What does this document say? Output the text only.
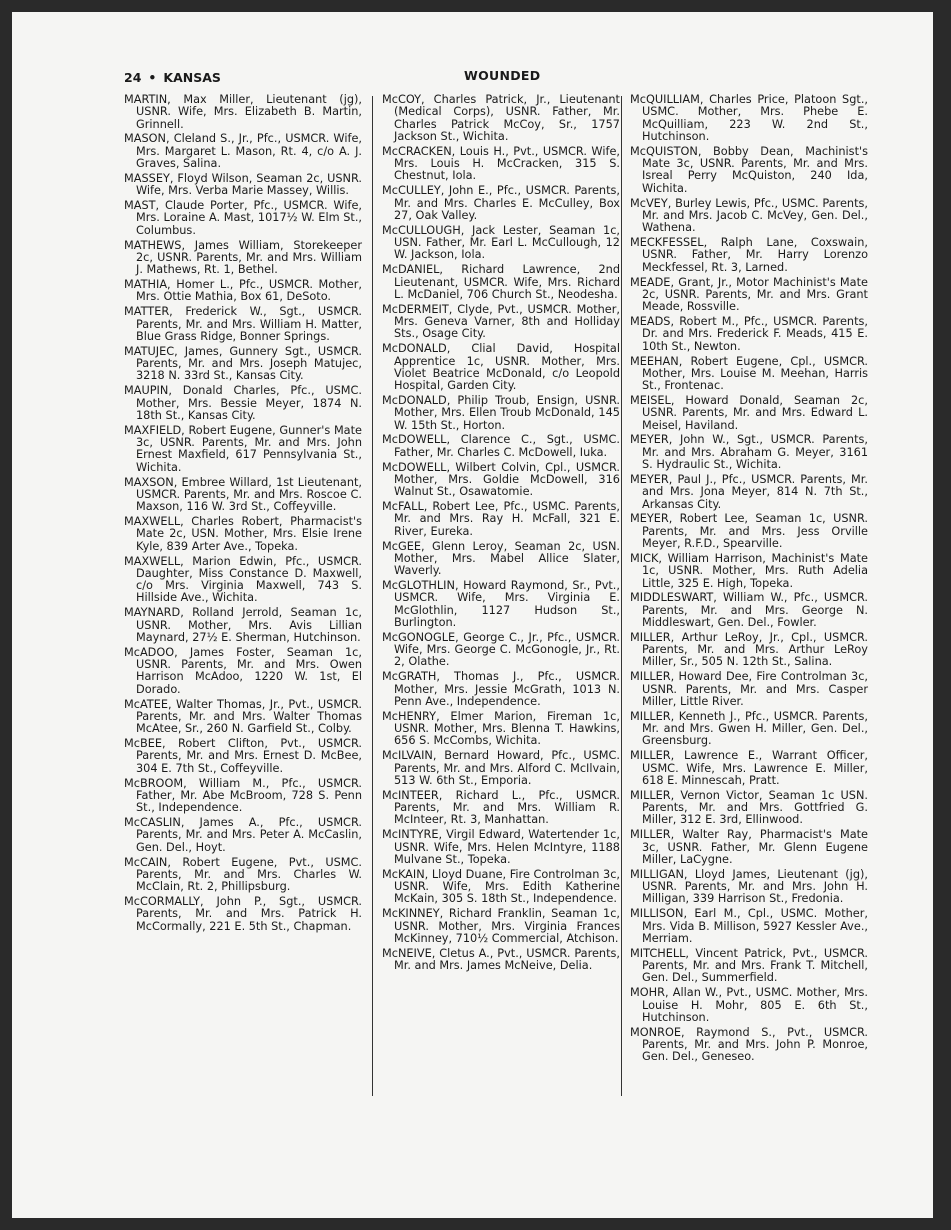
24 • KANSAS	WOUNDED

MARTIN, Max Miller, Lieutenant (jg), USNR. Wife, Mrs. Elizabeth B. Martin, Grinnell.

MASON, Cleland S., Jr., Pfc., USMCR. Wife, Mrs. Margaret L. Mason, Rt. 4, c/o A. J. Graves, Salina.

MASSEY, Floyd Wilson, Seaman 2c, USNR. Wife, Mrs. Verba Marie Massey, Willis.

MAST, Claude Porter, Pfc., USMCR. Wife, Mrs. Loraine A. Mast, 1017½ W. Elm St., Columbus.

MATHEWS, James William, Storekeeper 2c, USNR. Parents, Mr. and Mrs. William J. Mathews, Rt. 1, Bethel.

MATHIA, Homer L., Pfc., USMCR. Mother, Mrs. Ottie Mathia, Box 61, DeSoto.

MATTER, Frederick W., Sgt., USMCR. Parents, Mr. and Mrs. William H. Matter, Blue Grass Ridge, Bonner Springs.

MATUJEC, James, Gunnery Sgt., USMCR. Parents, Mr. and Mrs. Joseph Matujec, 3218 N. 33rd St., Kansas City.

MAUPIN, Donald Charles, Pfc., USMC. Mother, Mrs. Bessie Meyer, 1874 N. 18th St., Kansas City.

MAXFIELD, Robert Eugene, Gunner's Mate 3c, USNR. Parents, Mr. and Mrs. John Ernest Maxfield, 617 Pennsylvania St., Wichita.

MAXSON, Embree Willard, 1st Lieutenant, USMCR. Parents, Mr. and Mrs. Roscoe C. Maxson, 116 W. 3rd St., Coffeyville.

MAXWELL, Charles Robert, Pharmacist's Mate 2c, USN. Mother, Mrs. Elsie Irene Kyle, 839 Arter Ave., Topeka.

MAXWELL, Marion Edwin, Pfc., USMCR. Daughter, Miss Constance D. Maxwell, c/o Mrs. Virginia Maxwell, 743 S. Hillside Ave., Wichita.

MAYNARD, Rolland Jerrold, Seaman 1c, USNR. Mother, Mrs. Avis Lillian Maynard, 27½ E. Sherman, Hutchinson.

McADOO, James Foster, Seaman 1c, USNR. Parents, Mr. and Mrs. Owen Harrison McAdoo, 1220 W. 1st, El Dorado.

McATEE, Walter Thomas, Jr., Pvt., USMCR. Parents, Mr. and Mrs. Walter Thomas McAtee, Sr., 260 N. Garfield St., Colby.

McBEE, Robert Clifton, Pvt., USMCR. Parents, Mr. and Mrs. Ernest D. McBee, 304 E. 7th St., Coffeyville.

McBROOM, William M., Pfc., USMCR. Father, Mr. Abe McBroom, 728 S. Penn St., Independence.

McCASLIN, James A., Pfc., USMCR. Parents, Mr. and Mrs. Peter A. McCaslin, Gen. Del., Hoyt.

McCAIN, Robert Eugene, Pvt., USMC. Parents, Mr. and Mrs. Charles W. McClain, Rt. 2, Phillipsburg.

McCORMALLY, John P., Sgt., USMCR. Parents, Mr. and Mrs. Patrick H. McCormally, 221 E. 5th St., Chapman.

McCOY, Charles Patrick, Jr., Lieutenant (Medical Corps), USNR. Father, Mr. Charles Patrick McCoy, Sr., 1757 Jackson St., Wichita.

McCRACKEN, Louis H., Pvt., USMCR. Wife, Mrs. Louis H. McCracken, 315 S. Chestnut, Iola.

McCULLEY, John E., Pfc., USMCR. Parents, Mr. and Mrs. Charles E. McCulley, Box 27, Oak Valley.

McCULLOUGH, Jack Lester, Seaman 1c, USN. Father, Mr. Earl L. McCullough, 12 W. Jackson, Iola.

McDANIEL, Richard Lawrence, 2nd Lieutenant, USMCR. Wife, Mrs. Richard L. McDaniel, 706 Church St., Neodesha.

McDERMEIT, Clyde, Pvt., USMCR. Mother, Mrs. Geneva Varner, 8th and Holliday Sts., Osage City.

McDONALD, Clial David, Hospital Apprentice 1c, USNR. Mother, Mrs. Violet Beatrice McDonald, c/o Leopold Hospital, Garden City.

McDONALD, Philip Troub, Ensign, USNR. Mother, Mrs. Ellen Troub McDonald, 145 W. 15th St., Horton.

McDOWELL, Clarence C., Sgt., USMC. Father, Mr. Charles C. McDowell, Iuka.

McDOWELL, Wilbert Colvin, Cpl., USMCR. Mother, Mrs. Goldie McDowell, 316 Walnut St., Osawatomie.

McFALL, Robert Lee, Pfc., USMC. Parents, Mr. and Mrs. Ray H. McFall, 321 E. River, Eureka.

McGEE, Glenn Leroy, Seaman 2c, USN. Mother, Mrs. Mabel Allice Slater, Waverly.

McGLOTHLIN, Howard Raymond, Sr., Pvt., USMCR. Wife, Mrs. Virginia E. McGlothlin, 1127 Hudson St., Burlington.

McGONOGLE, George C., Jr., Pfc., USMCR. Wife, Mrs. George C. McGonogle, Jr., Rt. 2, Olathe.

McGRATH, Thomas J., Pfc., USMCR. Mother, Mrs. Jessie McGrath, 1013 N. Penn Ave., Independence.

McHENRY, Elmer Marion, Fireman 1c, USNR. Mother, Mrs. Blenna T. Hawkins, 656 S. McCombs, Wichita.

McILVAIN, Bernard Howard, Pfc., USMC. Parents, Mr. and Mrs. Alford C. McIlvain, 513 W. 6th St., Emporia.

McINTEER, Richard L., Pfc., USMCR. Parents, Mr. and Mrs. William R. McInteer, Rt. 3, Manhattan.

McINTYRE, Virgil Edward, Watertender 1c, USNR. Wife, Mrs. Helen McIntyre, 1188 Mulvane St., Topeka.

McKAIN, Lloyd Duane, Fire Controlman 3c, USNR. Wife, Mrs. Edith Katherine McKain, 305 S. 18th St., Independence.

McKINNEY, Richard Franklin, Seaman 1c, USNR. Mother, Mrs. Virginia Frances McKinney, 710½ Commercial, Atchison.

McNEIVE, Cletus A., Pvt., USMCR. Parents, Mr. and Mrs. James McNeive, Delia.

McQUILLIAM, Charles Price, Platoon Sgt., USMC. Mother, Mrs. Phebe E. McQuilliam, 223 W. 2nd St., Hutchinson.

McQUISTON, Bobby Dean, Machinist's Mate 3c, USNR. Parents, Mr. and Mrs. Isreal Perry McQuiston, 240 Ida, Wichita.

McVEY, Burley Lewis, Pfc., USMC. Parents, Mr. and Mrs. Jacob C. McVey, Gen. Del., Wathena.

MECKFESSEL, Ralph Lane, Coxswain, USNR. Father, Mr. Harry Lorenzo Meckfessel, Rt. 3, Larned.

MEADE, Grant, Jr., Motor Machinist's Mate 2c, USNR. Parents, Mr. and Mrs. Grant Meade, Rossville.

MEADS, Robert M., Pfc., USMCR. Parents, Dr. and Mrs. Frederick F. Meads, 415 E. 10th St., Newton.

MEEHAN, Robert Eugene, Cpl., USMCR. Mother, Mrs. Louise M. Meehan, Harris St., Frontenac.

MEISEL, Howard Donald, Seaman 2c, USNR. Parents, Mr. and Mrs. Edward L. Meisel, Haviland.

MEYER, John W., Sgt., USMCR. Parents, Mr. and Mrs. Abraham G. Meyer, 3161 S. Hydraulic St., Wichita.

MEYER, Paul J., Pfc., USMCR. Parents, Mr. and Mrs. Jona Meyer, 814 N. 7th St., Arkansas City.

MEYER, Robert Lee, Seaman 1c, USNR. Parents, Mr. and Mrs. Jess Orville Meyer, R.F.D., Spearville.

MICK, William Harrison, Machinist's Mate 1c, USNR. Mother, Mrs. Ruth Adelia Little, 325 E. High, Topeka.

MIDDLESWART, William W., Pfc., USMCR. Parents, Mr. and Mrs. George N. Middleswart, Gen. Del., Fowler.

MILLER, Arthur LeRoy, Jr., Cpl., USMCR. Parents, Mr. and Mrs. Arthur LeRoy Miller, Sr., 505 N. 12th St., Salina.

MILLER, Howard Dee, Fire Controlman 3c, USNR. Parents, Mr. and Mrs. Casper Miller, Little River.

MILLER, Kenneth J., Pfc., USMCR. Parents, Mr. and Mrs. Gwen H. Miller, Gen. Del., Greensburg.

MILLER, Lawrence E., Warrant Officer, USMC. Wife, Mrs. Lawrence E. Miller, 618 E. Minnescah, Pratt.

MILLER, Vernon Victor, Seaman 1c USN. Parents, Mr. and Mrs. Gottfried G. Miller, 312 E. 3rd, Ellinwood.

MILLER, Walter Ray, Pharmacist's Mate 3c, USNR. Father, Mr. Glenn Eugene Miller, LaCygne.

MILLIGAN, Lloyd James, Lieutenant (jg), USNR. Parents, Mr. and Mrs. John H. Milligan, 339 Harrison St., Fredonia.

MILLISON, Earl M., Cpl., USMC. Mother, Mrs. Vida B. Millison, 5927 Kessler Ave., Merriam.

MITCHELL, Vincent Patrick, Pvt., USMCR. Parents, Mr. and Mrs. Frank T. Mitchell, Gen. Del., Summerfield.

MOHR, Allan W., Pvt., USMC. Mother, Mrs. Louise H. Mohr, 805 E. 6th St., Hutchinson.

MONROE, Raymond S., Pvt., USMCR. Parents, Mr. and Mrs. John P. Monroe, Gen. Del., Geneseo.
